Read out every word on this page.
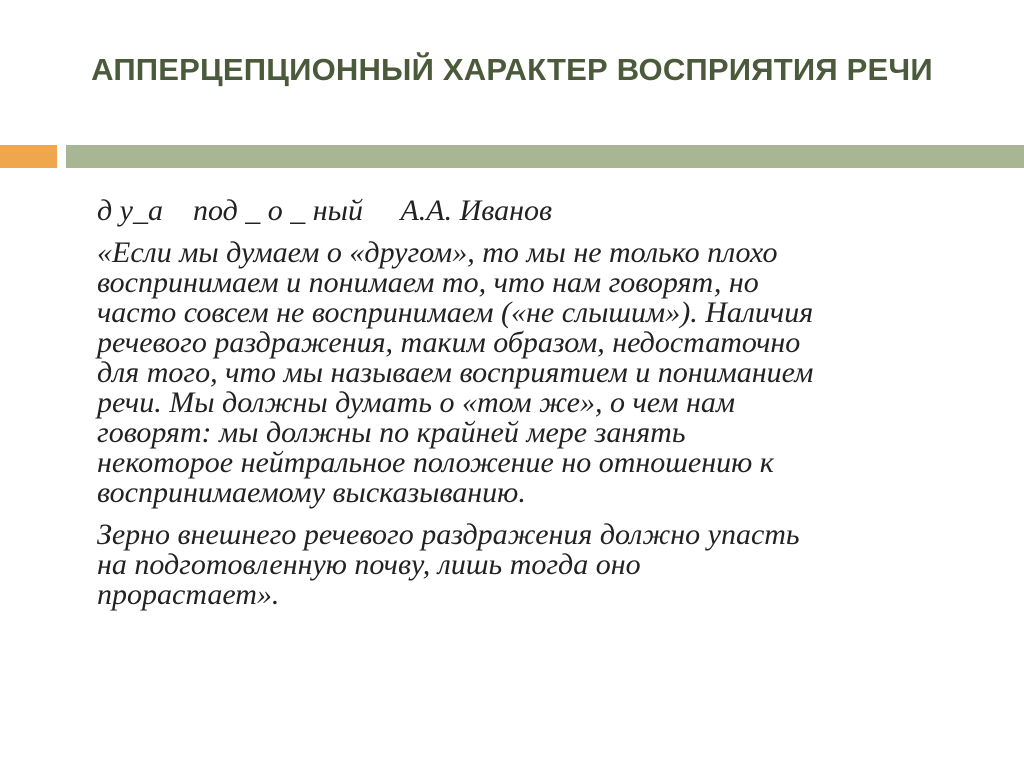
АППЕРЦЕПЦИОННЫЙ ХАРАКТЕР ВОСПРИЯТИЯ РЕЧИ
д у_а    под _ о _ ный     А.А. Иванов
«Если мы думаем о «другом», то мы не только плохо
воспринимаем и понимаем то, что нам говорят, но
часто совсем не воспринимаем («не слышим»). Наличия
речевого раздражения, таким образом, недостаточно
для того, что мы называем восприятием и пониманием
речи. Мы должны думать о «том же», о чем нам
говорят: мы должны по крайней мере занять
некоторое нейтральное положение но отношению к
воспринимаемому высказыванию.
Зерно внешнего речевого раздражения должно упасть
на подготовленную почву, лишь тогда оно
прорастает».
